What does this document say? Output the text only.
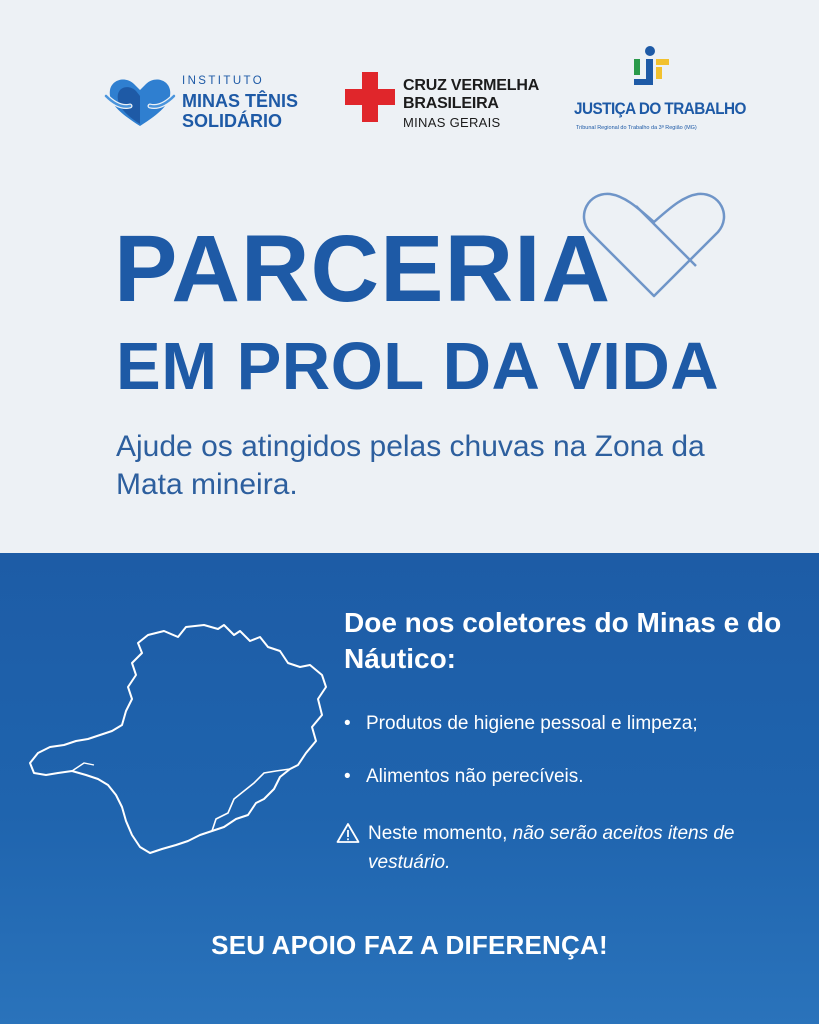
INSTITUTO
MINAS TÊNIS
SOLIDÁRIO
CRUZ VERMELHA
BRASILEIRA
MINAS GERAIS
JUSTIÇA DO TRABALHO
Tribunal Regional do Trabalho da 3ª Região (MG)
PARCERIA
EM PROL DA VIDA
Ajude os atingidos pelas chuvas na Zona da Mata mineira.
Doe nos coletores do Minas e do Náutico:
• Produtos de higiene pessoal e limpeza;
• Alimentos não perecíveis.
Neste momento, não serão aceitos itens de vestuário.
SEU APOIO FAZ A DIFERENÇA!
